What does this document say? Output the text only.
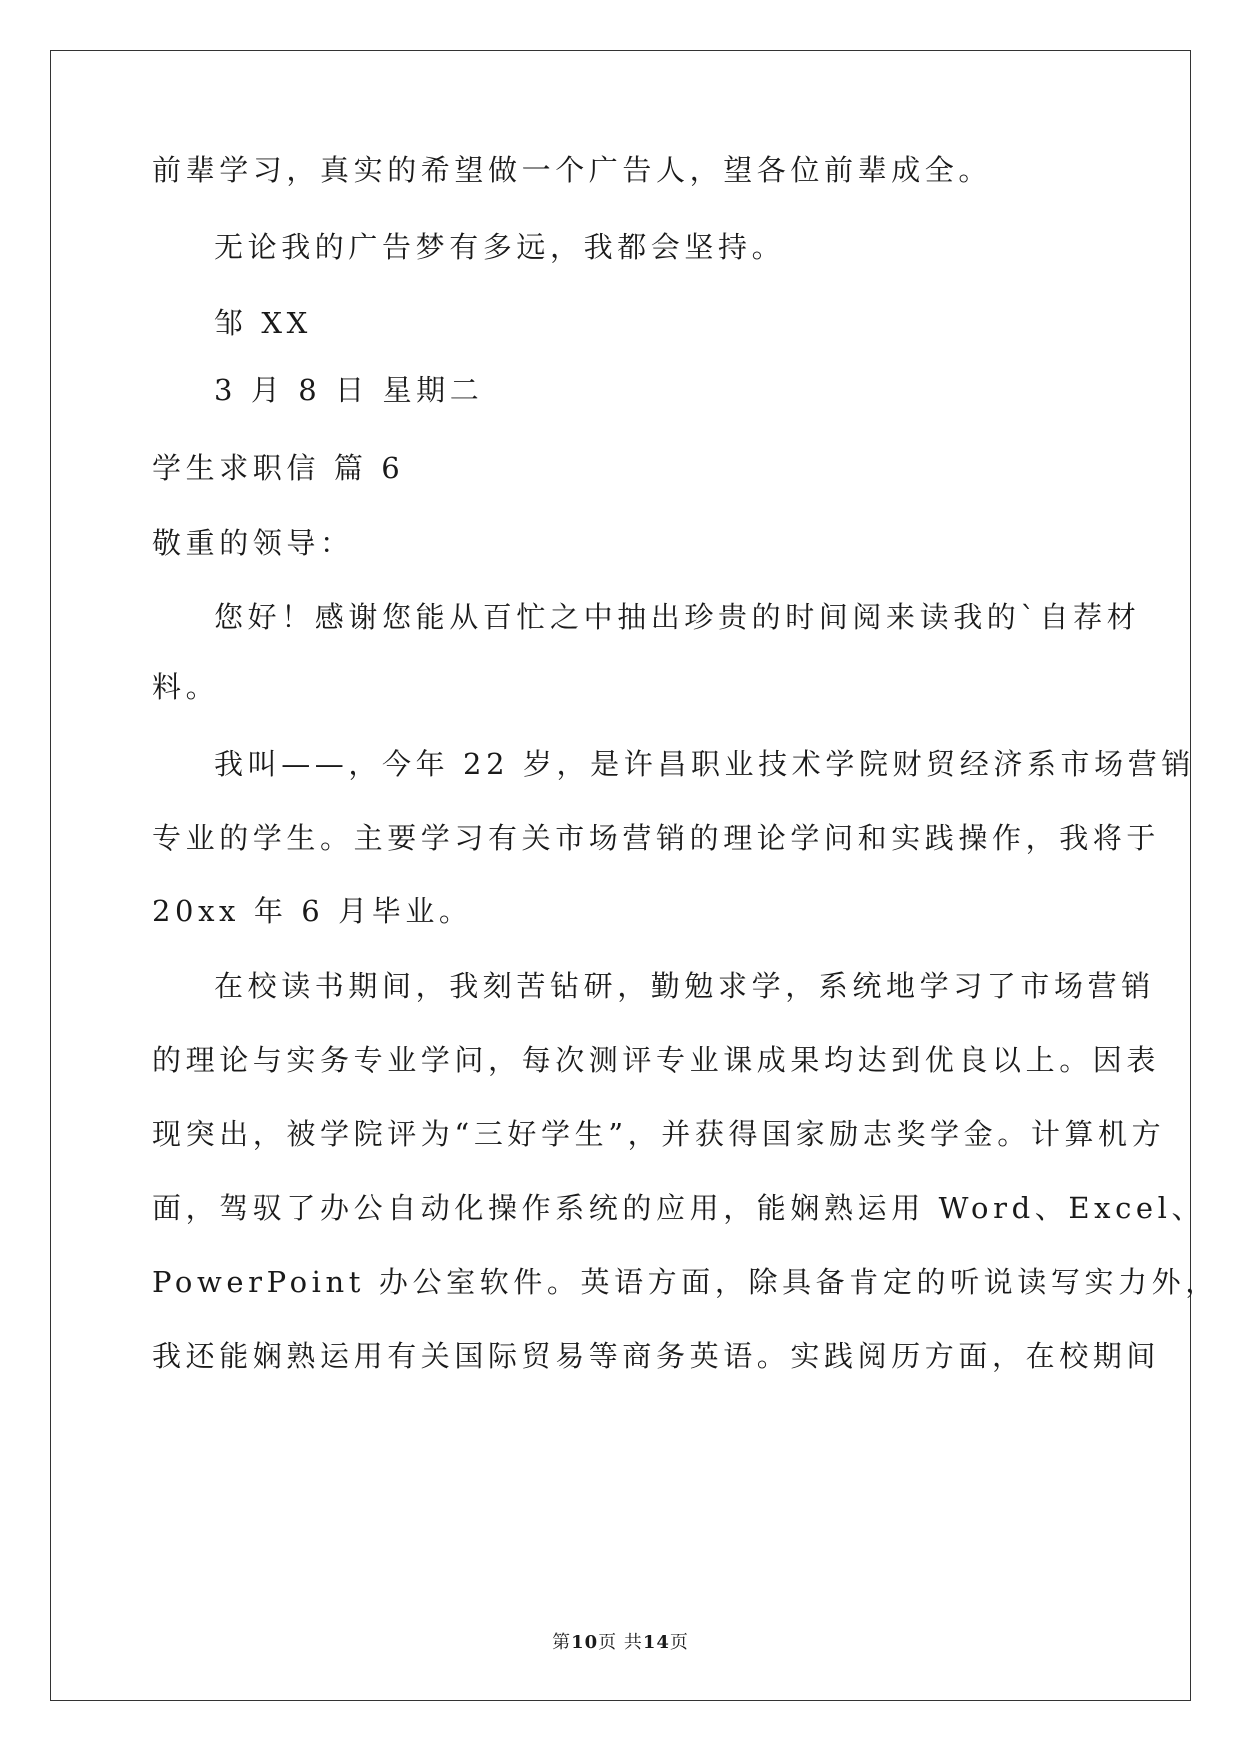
前辈学习，真实的希望做一个广告人，望各位前辈成全。
无论我的广告梦有多远，我都会坚持。
邹 XX
3 月 8 日 星期二
学生求职信 篇 6
敬重的领导：
您好！感谢您能从百忙之中抽出珍贵的时间阅来读我的`自荐材
料。
我叫——，今年 22 岁，是许昌职业技术学院财贸经济系市场营销
专业的学生。主要学习有关市场营销的理论学问和实践操作，我将于
20xx 年 6 月毕业。
在校读书期间，我刻苦钻研，勤勉求学，系统地学习了市场营销
的理论与实务专业学问，每次测评专业课成果均达到优良以上。因表
现突出，被学院评为“三好学生”，并获得国家励志奖学金。计算机方
面，驾驭了办公自动化操作系统的应用，能娴熟运用 Word、Excel、
PowerPoint 办公室软件。英语方面，除具备肯定的听说读写实力外，
我还能娴熟运用有关国际贸易等商务英语。实践阅历方面，在校期间
第10页 共14页
